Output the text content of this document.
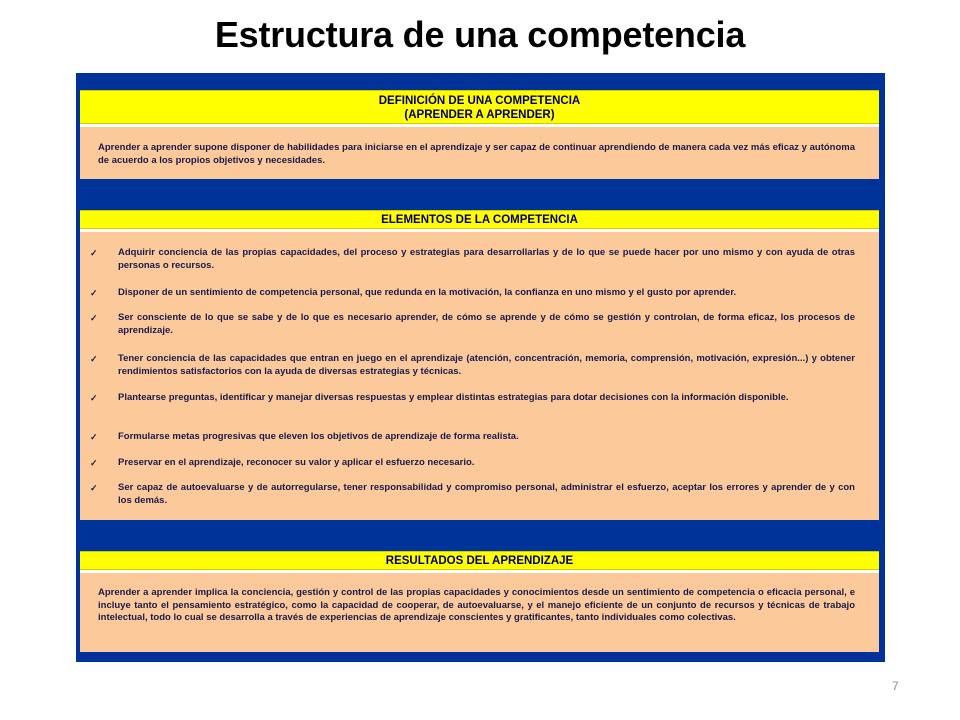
Estructura de una competencia
DEFINICIÓN DE UNA COMPETENCIA
(APRENDER A APRENDER)
Aprender a aprender supone disponer de habilidades para iniciarse en el aprendizaje y ser capaz de continuar aprendiendo de manera cada vez más eficaz y autónoma de acuerdo a los propios objetivos y necesidades.
ELEMENTOS DE LA COMPETENCIA
✓ Adquirir conciencia de las propias capacidades, del proceso y estrategias para desarrollarlas y de lo que se puede hacer por uno mismo y con ayuda de otras personas o recursos.
✓ Disponer de un sentimiento de competencia personal, que redunda en la motivación, la confianza en uno mismo y el gusto por aprender.
✓ Ser consciente de lo que se sabe y de lo que es necesario aprender, de cómo se aprende y de cómo se gestión y controlan, de forma eficaz, los procesos de aprendizaje.
✓ Tener conciencia de las capacidades que entran en juego en el aprendizaje (atención, concentración, memoria, comprensión, motivación, expresión...) y obtener rendimientos satisfactorios con la ayuda de diversas estrategias y técnicas.
✓ Plantearse preguntas, identificar y manejar diversas respuestas y emplear distintas estrategias para dotar decisiones con la información disponible.
✓ Formularse metas progresivas que eleven los objetivos de aprendizaje de forma realista.
✓ Preservar en el aprendizaje, reconocer su valor y aplicar el esfuerzo necesario.
✓ Ser capaz de autoevaluarse y de autorregularse, tener responsabilidad y compromiso personal, administrar el esfuerzo, aceptar los errores y aprender de y con los demás.
RESULTADOS DEL APRENDIZAJE
Aprender a aprender implica la conciencia, gestión y control de las propias capacidades y conocimientos desde un sentimiento de competencia o eficacia personal, e incluye tanto el pensamiento estratégico, como la capacidad de cooperar, de autoevaluarse, y el manejo eficiente de un conjunto de recursos y técnicas de trabajo intelectual, todo lo cual se desarrolla a través de experiencias de aprendizaje conscientes y gratificantes, tanto individuales como colectivas.
7
